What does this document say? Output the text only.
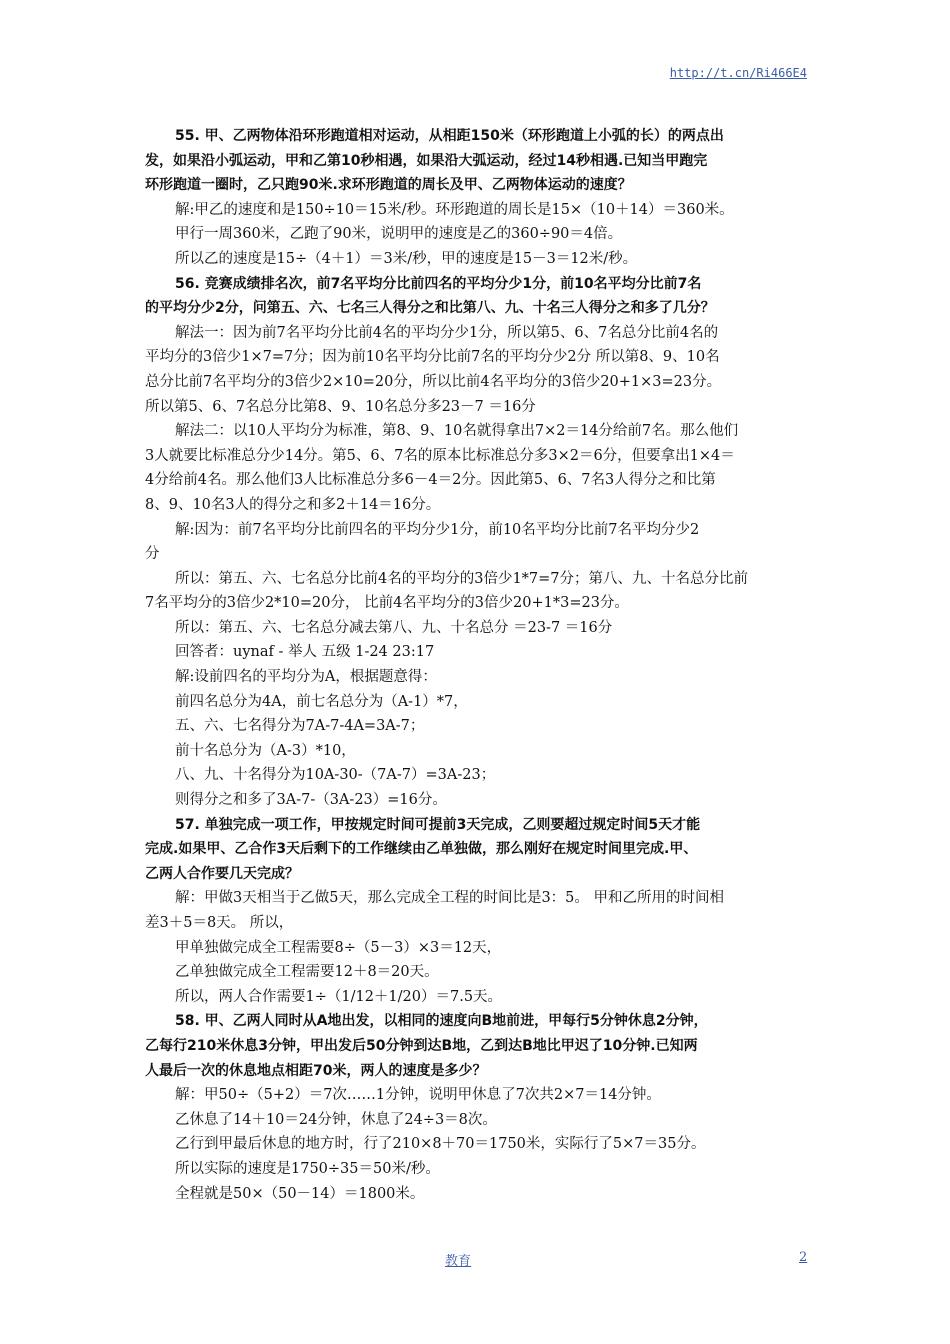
http://t.cn/Ri466E4
55. 甲、乙两物体沿环形跑道相对运动，从相距150米（环形跑道上小弧的长）的两点出
发，如果沿小弧运动，甲和乙第10秒相遇，如果沿大弧运动，经过14秒相遇.已知当甲跑完
环形跑道一圈时，乙只跑90米.求环形跑道的周长及甲、乙两物体运动的速度？
解:甲乙的速度和是150÷10＝15米/秒。环形跑道的周长是15×（10＋14）＝360米。
甲行一周360米，乙跑了90米，说明甲的速度是乙的360÷90＝4倍。
所以乙的速度是15÷（4＋1）＝3米/秒，甲的速度是15－3＝12米/秒。
56. 竞赛成绩排名次，前7名平均分比前四名的平均分少1分，前10名平均分比前7名
的平均分少2分，问第五、六、七名三人得分之和比第八、九、十名三人得分之和多了几分？
解法一：因为前7名平均分比前4名的平均分少1分，所以第5、6、7名总分比前4名的
平均分的3倍少1×7=7分；因为前10名平均分比前7名的平均分少2分 所以第8、9、10名
总分比前7名平均分的3倍少2×10=20分，所以比前4名平均分的3倍少20+1×3=23分。
所以第5、6、7名总分比第8、9、10名总分多23－7 ＝16分
解法二：以10人平均分为标准，第8、9、10名就得拿出7×2＝14分给前7名。那么他们
3人就要比标准总分少14分。第5、6、7名的原本比标准总分多3×2＝6分，但要拿出1×4＝
4分给前4名。那么他们3人比标准总分多6－4＝2分。因此第5、6、7名3人得分之和比第
8、9、10名3人的得分之和多2＋14＝16分。
解:因为：前7名平均分比前四名的平均分少1分，前10名平均分比前7名平均分少2
分
所以：第五、六、七名总分比前4名的平均分的3倍少1*7=7分；第八、九、十名总分比前
7名平均分的3倍少2*10=20分， 比前4名平均分的3倍少20+1*3=23分。
所以：第五、六、七名总分减去第八、九、十名总分 ＝23-7 ＝16分
回答者：uynaf - 举人 五级 1-24 23:17
解:设前四名的平均分为A，根据题意得：
前四名总分为4A，前七名总分为（A-1）*7，
五、六、七名得分为7A-7-4A=3A-7；
前十名总分为（A-3）*10，
八、九、十名得分为10A-30-（7A-7）=3A-23；
则得分之和多了3A-7-（3A-23）=16分。
57. 单独完成一项工作，甲按规定时间可提前3天完成，乙则要超过规定时间5天才能
完成.如果甲、乙合作3天后剩下的工作继续由乙单独做，那么刚好在规定时间里完成.甲、
乙两人合作要几天完成？
解：甲做3天相当于乙做5天，那么完成全工程的时间比是3：5。 甲和乙所用的时间相
差3＋5＝8天。 所以，
甲单独做完成全工程需要8÷（5－3）×3＝12天，
乙单独做完成全工程需要12＋8＝20天。
所以，两人合作需要1÷（1/12＋1/20）＝7.5天。
58. 甲、乙两人同时从A地出发，以相同的速度向B地前进，甲每行5分钟休息2分钟，
乙每行210米休息3分钟，甲出发后50分钟到达B地，乙到达B地比甲迟了10分钟.已知两
人最后一次的休息地点相距70米，两人的速度是多少？
解：甲50÷（5+2）＝7次……1分钟，说明甲休息了7次共2×7＝14分钟。
乙休息了14＋10＝24分钟，休息了24÷3＝8次。
乙行到甲最后休息的地方时，行了210×8＋70＝1750米，实际行了5×7＝35分。
所以实际的速度是1750÷35＝50米/秒。
全程就是50×（50－14）＝1800米。
教育	2
